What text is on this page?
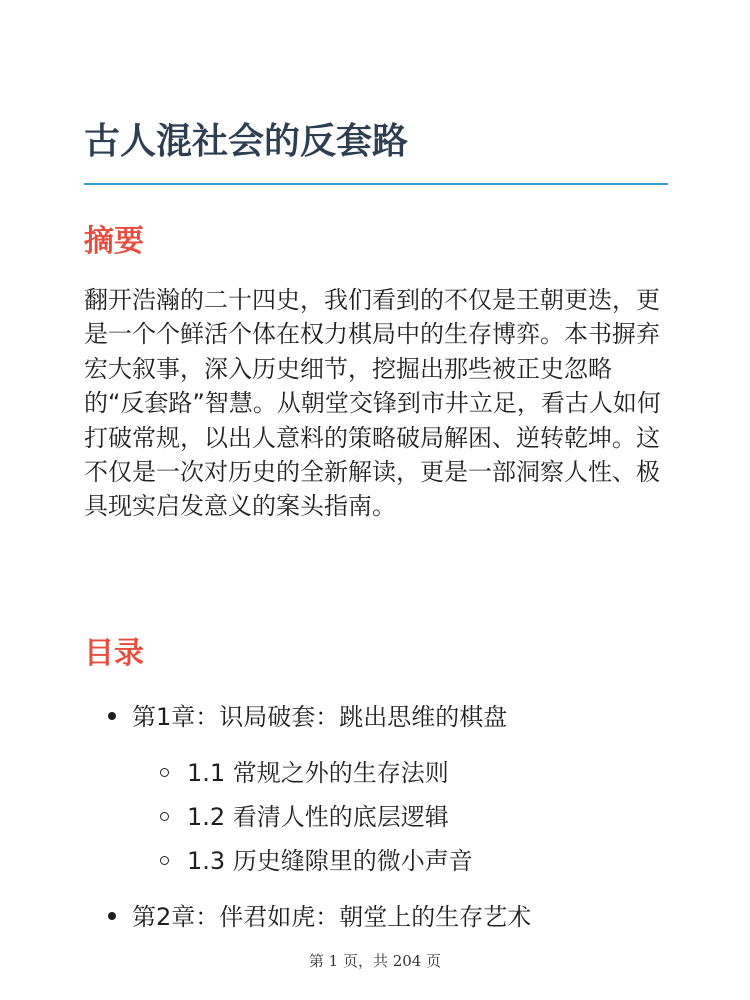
古人混社会的反套路
摘要

翻开浩瀚的二十四史，我们看到的不仅是王朝更迭，更是一个个鲜活个体在权力棋局中的生存博弈。本书摒弃宏大叙事，深入历史细节，挖掘出那些被正史忽略的“反套路”智慧。从朝堂交锋到市井立足，看古人如何打破常规，以出人意料的策略破局解困、逆转乾坤。这不仅是一次对历史的全新解读，更是一部洞察人性、极具现实启发意义的案头指南。

目录
第1章：识局破套：跳出思维的棋盘
1.1 常规之外的生存法则
1.2 看清人性的底层逻辑
1.3 历史缝隙里的微小声音
第2章：伴君如虎：朝堂上的生存艺术
第 1 页，共 204 页
